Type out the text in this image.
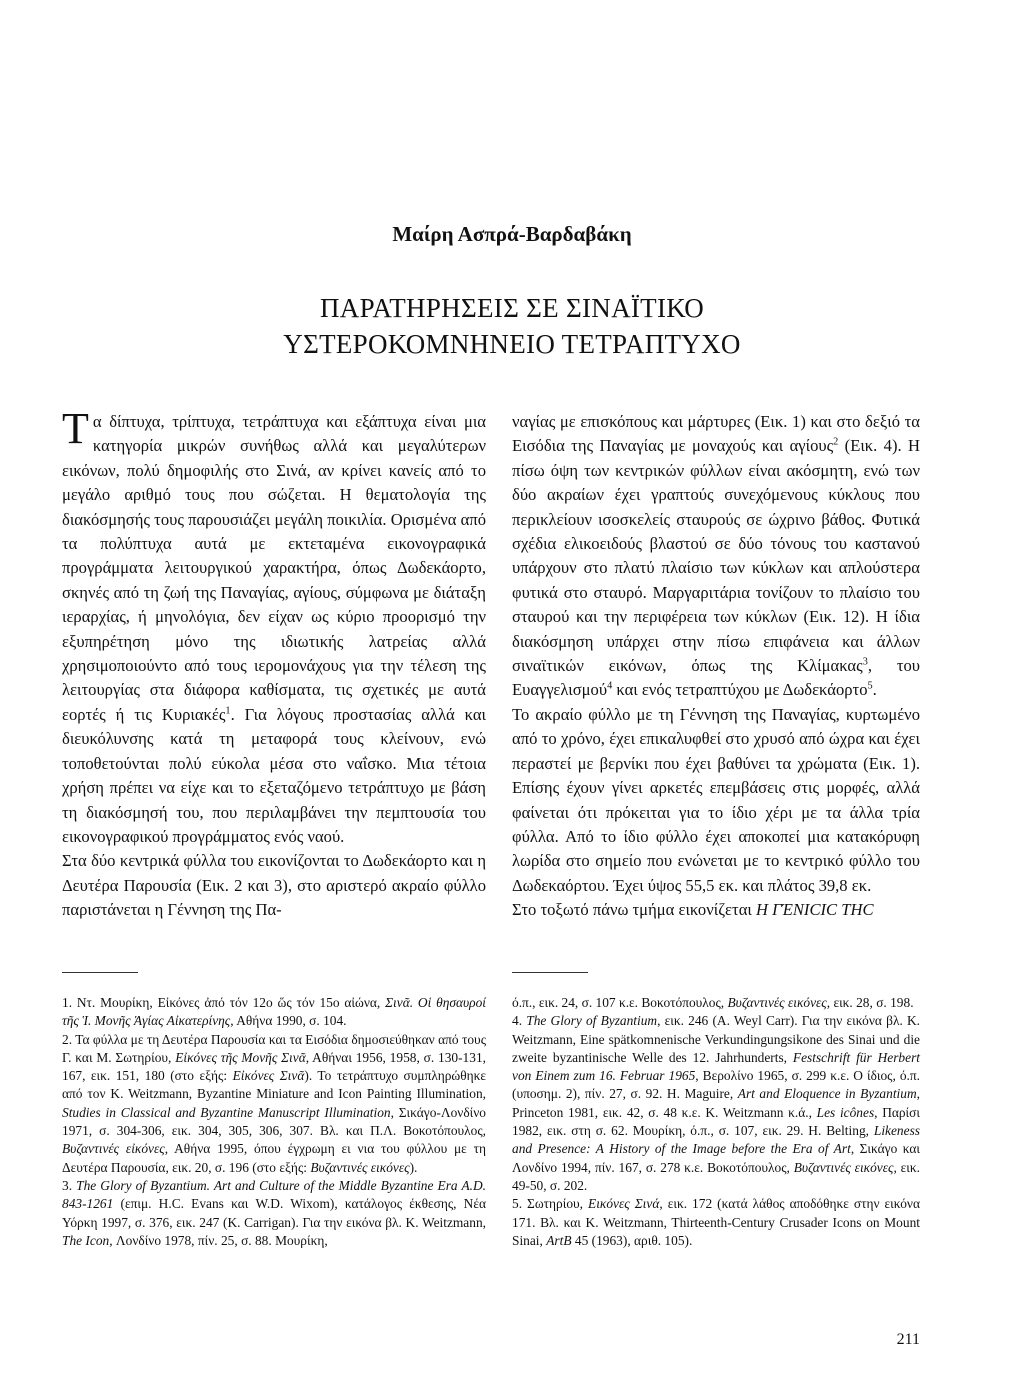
Μαίρη Ασπρά-Βαρδαβάκη
ΠΑΡΑΤΗΡΗΣΕΙΣ ΣΕ ΣΙΝΑΪΤΙΚΟ
ΥΣΤΕΡΟΚΟΜΝΗΝΕΙΟ ΤΕΤΡΑΠΤΥΧΟ

Tα δίπτυχα, τρίπτυχα, τετράπτυχα και εξάπτυχα είναι μια κατηγορία μικρών συνήθως αλλά και μεγαλύτερων εικόνων, πολύ δημοφιλής στο Σινά, αν κρίνει κανείς από το μεγάλο αριθμό τους που σώζεται. Η θεματολογία της διακόσμησής τους παρουσιάζει μεγάλη ποικιλία. Ορισμένα από τα πολύπτυχα αυτά με εκτεταμένα εικονογραφικά προγράμματα λειτουργικού χαρακτήρα, όπως Δωδεκάορτο, σκηνές από τη ζωή της Παναγίας, αγίους, σύμφωνα με διάταξη ιεραρχίας, ή μηνολόγια, δεν είχαν ως κύριο προορισμό την εξυπηρέτηση μόνο της ιδιωτικής λατρείας αλλά χρησιμοποιούντο από τους ιερομονάχους για την τέλεση της λειτουργίας στα διάφορα καθίσματα, τις σχετικές με αυτά εορτές ή τις Κυριακές$^1$. Για λόγους προστασίας αλλά και διευκόλυνσης κατά τη μεταφορά τους κλείνουν, ενώ τοποθετούνται πολύ εύκολα μέσα στο ναΐσκο. Μια τέτοια χρήση πρέπει να είχε και το εξεταζόμενο τετράπτυχο με βάση τη διακόσμησή του, που περιλαμβάνει την πεμπτουσία του εικονογραφικού προγράμματος ενός ναού.

Στα δύο κεντρικά φύλλα του εικονίζονται το Δωδεκάορτο και η Δευτέρα Παρουσία (Εικ. 2 και 3), στο αριστερό ακραίο φύλλο παριστάνεται η Γέννηση της Πα-

ναγίας με επισκόπους και μάρτυρες (Εικ. 1) και στο δεξιό τα Εισόδια της Παναγίας με μοναχούς και αγίους$^2$ (Εικ. 4). Η πίσω όψη των κεντρικών φύλλων είναι ακόσμητη, ενώ των δύο ακραίων έχει γραπτούς συνεχόμενους κύκλους που περικλείουν ισοσκελείς σταυρούς σε ώχρινο βάθος. Φυτικά σχέδια ελικοειδούς βλαστού σε δύο τόνους του καστανού υπάρχουν στο πλατύ πλαίσιο των κύκλων και απλούστερα φυτικά στο σταυρό. Μαργαριτάρια τονίζουν το πλαίσιο του σταυρού και την περιφέρεια των κύκλων (Εικ. 12). Η ίδια διακόσμηση υπάρχει στην πίσω επιφάνεια και άλλων σιναϊτικών εικόνων, όπως της Κλίμακας$^3$, του Ευαγγελισμού$^4$ και ενός τετραπτύχου με Δωδεκάορτο$^5$.

Το ακραίο φύλλο με τη Γέννηση της Παναγίας, κυρτωμένο από το χρόνο, έχει επικαλυφθεί στο χρυσό από ώχρα και έχει περαστεί με βερνίκι που έχει βαθύνει τα χρώματα (Εικ. 1). Επίσης έχουν γίνει αρκετές επεμβάσεις στις μορφές, αλλά φαίνεται ότι πρόκειται για το ίδιο χέρι με τα άλλα τρία φύλλα. Από το ίδιο φύλλο έχει αποκοπεί μια κατακόρυφη λωρίδα στο σημείο που ενώνεται με το κεντρικό φύλλο του Δωδεκαόρτου. Έχει ύψος 55,5 εκ. και πλάτος 39,8 εκ.

Στο τοξωτό πάνω τμήμα εικονίζεται Η ΓΈΝΙCIC ΤΗC

1. Ντ. Μουρίκη, Εἰκόνες ἀπό τόν 12ο ὥς τόν 15ο αἰώνα, Σινᾶ. Οἱ θησαυροί τῆς Ἱ. Μονῆς Ἁγίας Αἰκατερίνης, Αθήνα 1990, σ. 104.

2. Τα φύλλα με τη Δευτέρα Παρουσία και τα Εισόδια δημοσιεύθηκαν από τους Γ. και Μ. Σωτηρίου, Εἰκόνες τῆς Μονῆς Σινᾶ, Αθήναι 1956, 1958, σ. 130-131, 167, εικ. 151, 180 (στο εξής: Εἰκόνες Σινᾶ). Το τετράπτυχο συμπληρώθηκε από τον K. Weitzmann, Byzantine Miniature and Icon Painting Illumination, Studies in Classical and Byzantine Manuscript Illumination, Σικάγο-Λονδίνο 1971, σ. 304-306, εικ. 304, 305, 306, 307. Βλ. και Π.Λ. Βοκοτόπουλος, Βυζαντινές εἰκόνες, Αθήνα 1995, όπου έγχρωμη ει νια του φύλλου με τη Δευτέρα Παρουσία, εικ. 20, σ. 196 (στο εξής: Βυζαντινές εικόνες).

3. The Glory of Byzantium. Art and Culture of the Middle Byzantine Era A.D. 843-1261 (επιμ. H.C. Evans και W.D. Wixom), κατάλογος έκθεσης, Νέα Υόρκη 1997, σ. 376, εικ. 247 (K. Carrigan). Για την εικόνα βλ. K. Weitzmann, The Icon, Λονδίνο 1978, πίν. 25, σ. 88. Μουρίκη,

ό.π., εικ. 24, σ. 107 κ.ε. Βοκοτόπουλος, Βυζαντινές εικόνες, εικ. 28, σ. 198.

4. The Glory of Byzantium, εικ. 246 (A. Weyl Carr). Για την εικόνα βλ. K. Weitzmann, Eine spätkomnenische Verkundingungsikone des Sinai und die zweite byzantinische Welle des 12. Jahrhunderts, Festschrift für Herbert von Einem zum 16. Februar 1965, Βερολίνο 1965, σ. 299 κ.ε. Ο ίδιος, ό.π. (υποσημ. 2), πίν. 27, σ. 92. H. Maguire, Art and Eloquence in Byzantium, Princeton 1981, εικ. 42, σ. 48 κ.ε. K. Weitzmann κ.ά., Les icônes, Παρίσι 1982, εικ. στη σ. 62. Μουρίκη, ό.π., σ. 107, εικ. 29. H. Belting, Likeness and Presence: A History of the Image before the Era of Art, Σικάγο και Λονδίνο 1994, πίν. 167, σ. 278 κ.ε. Βοκοτόπουλος, Βυζαντινές εικόνες, εικ. 49-50, σ. 202.

5. Σωτηρίου, Εικόνες Σινά, εικ. 172 (κατά λάθος αποδόθηκε στην εικόνα 171. Βλ. και K. Weitzmann, Thirteenth-Century Crusader Icons on Mount Sinai, ArtB 45 (1963), αριθ. 105).

211
